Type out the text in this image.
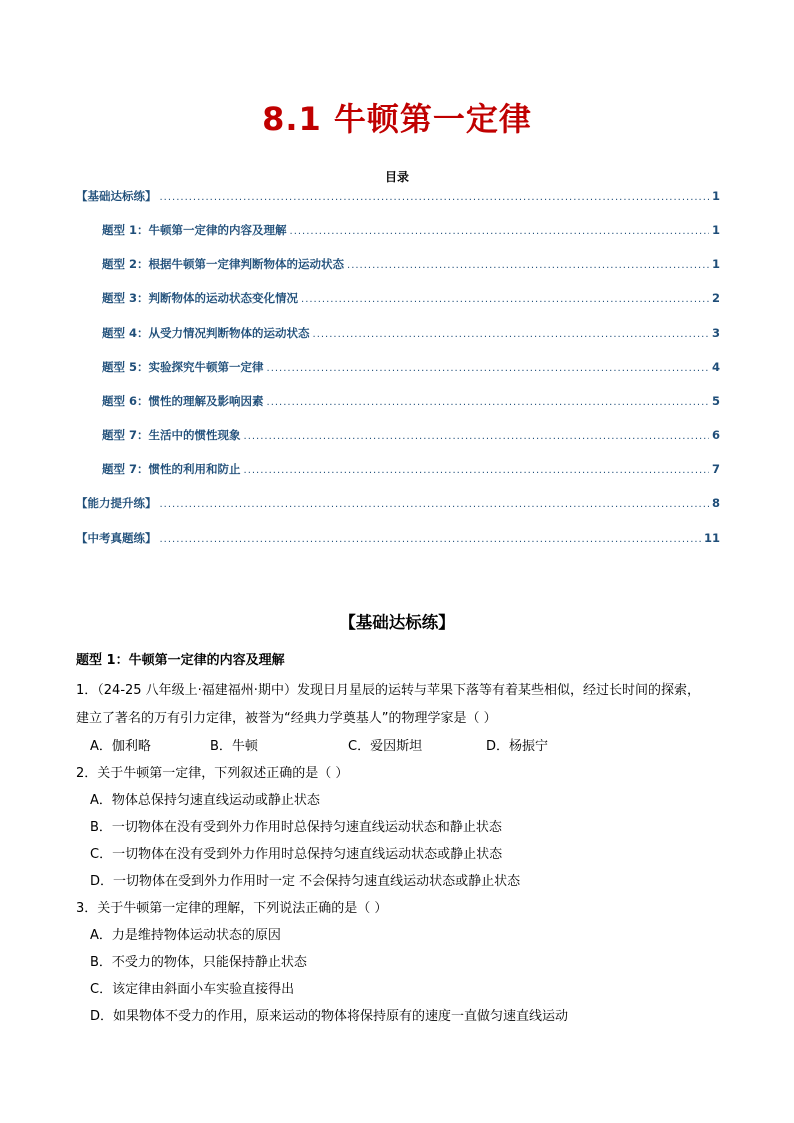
8.1 牛顿第一定律
目录
【基础达标练】 .....	1
题型 1：牛顿第一定律的内容及理解 .....	1
题型 2：根据牛顿第一定律判断物体的运动状态 .....	1
题型 3：判断物体的运动状态变化情况 .....	2
题型 4：从受力情况判断物体的运动状态 .....	3
题型 5：实验探究牛顿第一定律 .....	4
题型 6：惯性的理解及影响因素 .....	5
题型 7：生活中的惯性现象 .....	6
题型 7：惯性的利用和防止 .....	7
【能力提升练】 .....	8
【中考真题练】 .....	11
【基础达标练】
题型 1：牛顿第一定律的内容及理解
1．（24-25 八年级上·福建福州·期中）发现日月星辰的运转与苹果下落等有着某些相似，经过长时间的探索，
建立了著名的万有引力定律，被誉为“经典力学奠基人”的物理学家是（ ）
A．伽利略	B．牛顿	C．爱因斯坦	D．杨振宁
2．关于牛顿第一定律，下列叙述正确的是（ ）
A．物体总保持匀速直线运动或静止状态
B．一切物体在没有受到外力作用时总保持匀速直线运动状态和静止状态
C．一切物体在没有受到外力作用时总保持匀速直线运动状态或静止状态
D．一切物体在受到外力作用时一定 不会保持匀速直线运动状态或静止状态
3．关于牛顿第一定律的理解，下列说法正确的是（ ）
A．力是维持物体运动状态的原因
B．不受力的物体，只能保持静止状态
C．该定律由斜面小车实验直接得出
D．如果物体不受力的作用，原来运动的物体将保持原有的速度一直做匀速直线运动
